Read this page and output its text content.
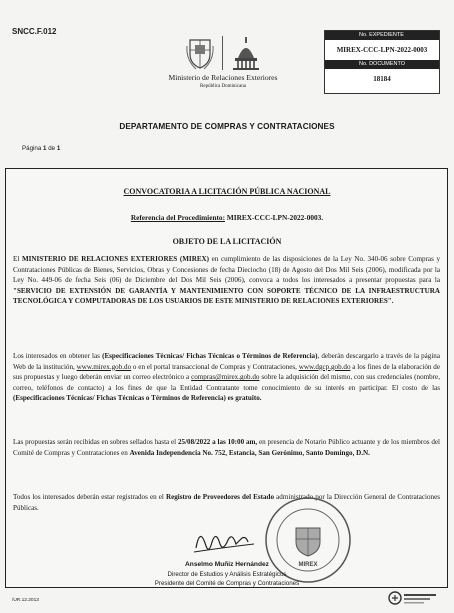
SNCC.F.012
Ministerio de Relaciones Exteriores
República Dominicana
No. EXPEDIENTE
MIREX-CCC-LPN-2022-0003
No. DOCUMENTO
18184
DEPARTAMENTO DE COMPRAS Y CONTRATACIONES
Página 1 de 1
CONVOCATORIA A LICITACIÓN PÚBLICA NACIONAL
Referencia del Procedimiento: MIREX-CCC-LPN-2022-0003.
OBJETO DE LA LICITACIÓN
El MINISTERIO DE RELACIONES EXTERIORES (MIREX) en cumplimiento de las disposiciones de la Ley No. 340-06 sobre Compras y Contrataciones Públicas de Bienes, Servicios, Obras y Concesiones de fecha Dieciocho (18) de Agosto del Dos Mil Seis (2006), modificada por la Ley No. 449-06 de fecha Seis (06) de Diciembre del Dos Mil Seis (2006), convoca a todos los interesados a presentar propuestas para la "SERVICIO DE EXTENSIÓN DE GARANTÍA Y MANTENIMIENTO CON SOPORTE TÉCNICO DE LA INFRAESTRUCTURA TECNOLÓGICA Y COMPUTADORAS DE LOS USUARIOS DE ESTE MINISTERIO DE RELACIONES EXTERIORES".
Los interesados en obtener las (Especificaciones Técnicas/ Fichas Técnicas o Términos de Referencia), deberán descargarlo a través de la página Web de la institución, www.mirex.gob.do o en el portal transaccional de Compras y Contrataciones, www.dgcp.gob.do a los fines de la elaboración de sus propuestas y luego deberán enviar un correo electrónico a compras@mirex.gob.do sobre la adquisición del mismo, con sus credenciales (nombre, correo, teléfonos de contacto) a los fines de que la Entidad Contratante tome conocimiento de su interés en participar. El costo de las (Especificaciones Técnicas/ Fichas Técnicas o Términos de Referencia) es gratuito.
Las propuestas serán recibidas en sobres sellados hasta el 25/08/2022 a las 10:00 am, en presencia de Notario Público actuante y de los miembros del Comité de Compras y Contrataciones en Avenida Independencia No. 752, Estancia, San Gerónimo, Santo Domingo, D.N.
Todos los interesados deberán estar registrados en el Registro de Proveedores del Estado administrado por la Dirección General de Contrataciones Públicas.
MIREX
Anselmo Muñiz Hernández
Director de Estudios y Análisis Estratégicos
Presidente del Comité de Compras y Contrataciones
/UR.12.2013
